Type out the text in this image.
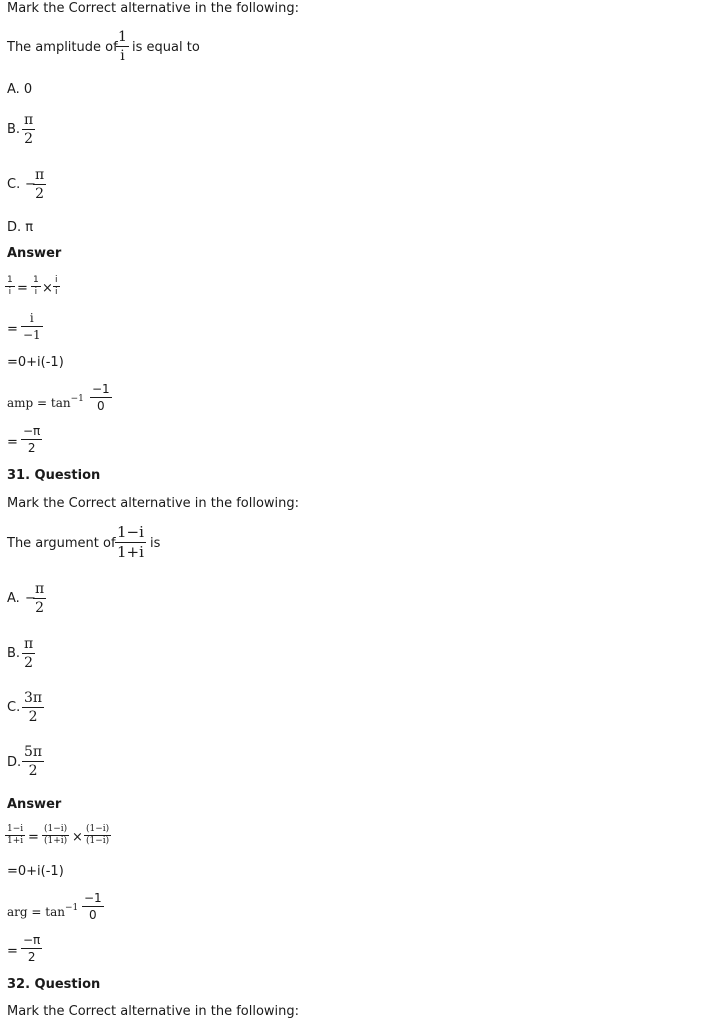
Mark the Correct alternative in the following:
The amplitude of
1
i
is equal to
A. 0
B.
π
2
C. −
π
2
D. π
Answer
1
i =
1
i ×
i
i
=
i
−1
=0+i(-1)
amp = $\tan^{-1}$
−1
0
=
−π
2
31. Question
Mark the Correct alternative in the following:
The argument of
1−i
1+i is
A. −
π
2
B.
π
2
C.
3π
2
D.
5π
2
Answer
1−i
1+i =
(1−i)
(1+i) ×
(1−i)
(1−i)
=0+i(-1)
arg = $\tan^{-1}$
−1
0
=
−π
2
32. Question
Mark the Correct alternative in the following:
